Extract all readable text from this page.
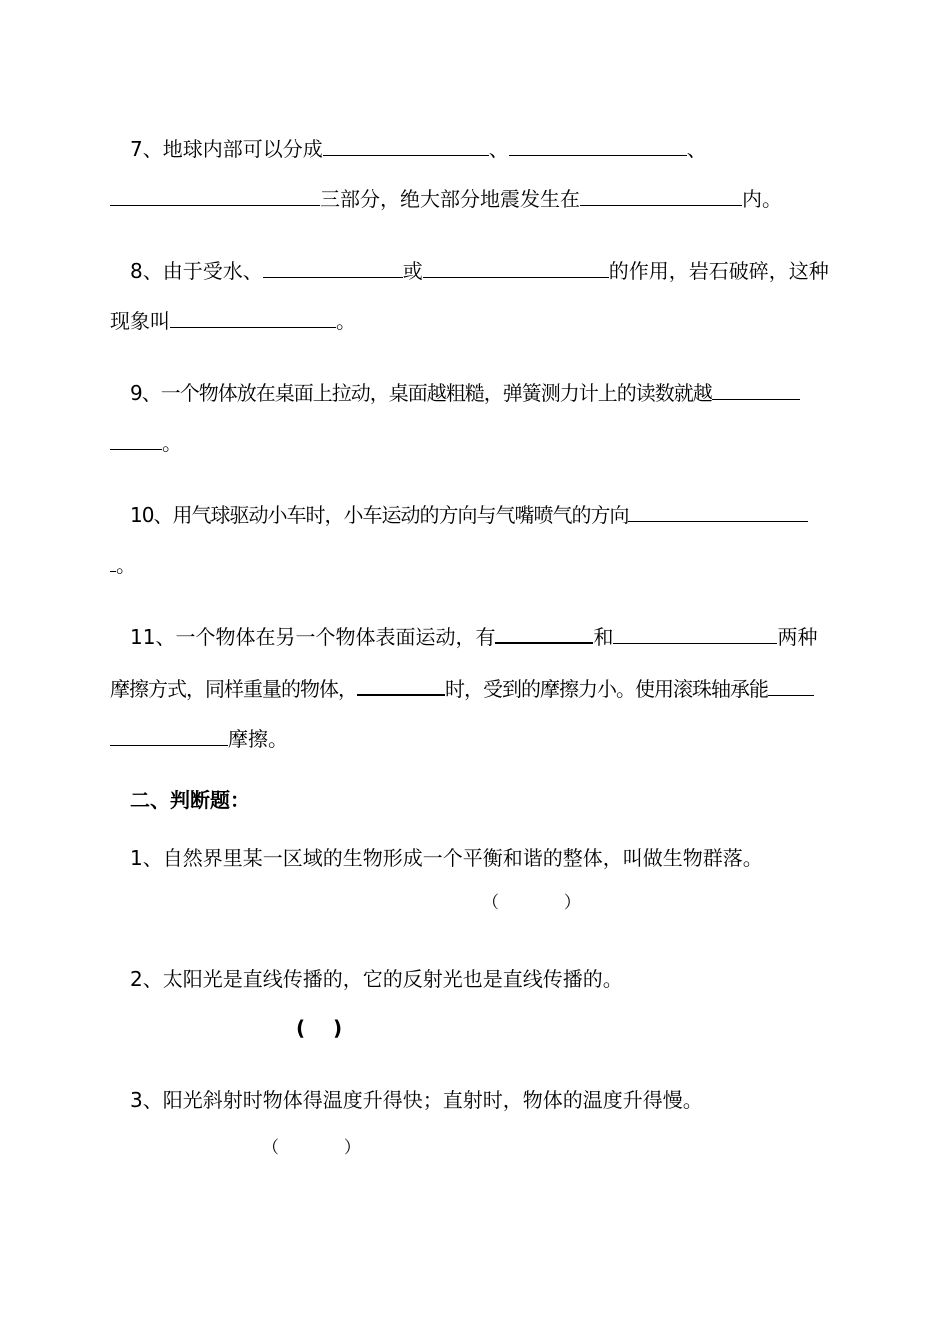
7、地球内部可以分成	、	、
三部分，绝大部分地震发生在	内。
8、由于受水、	或	的作用，岩石破碎，这种
现象叫	。
9、一个物体放在桌面上拉动，桌面越粗糙，弹簧测力计上的读数就越
。
10、用气球驱动小车时，小车运动的方向与气嘴喷气的方向
。
11、一个物体在另一个物体表面运动，有	和	两种
摩擦方式，同样重量的物体，	时，受到的摩擦力小。使用滚珠轴承能
摩擦。
二、判断题：
1、自然界里某一区域的生物形成一个平衡和谐的整体，叫做生物群落。
（            ）
2、太阳光是直线传播的，它的反射光也是直线传播的。
(    )
3、阳光斜射时物体得温度升得快；直射时，物体的温度升得慢。
（            ）
